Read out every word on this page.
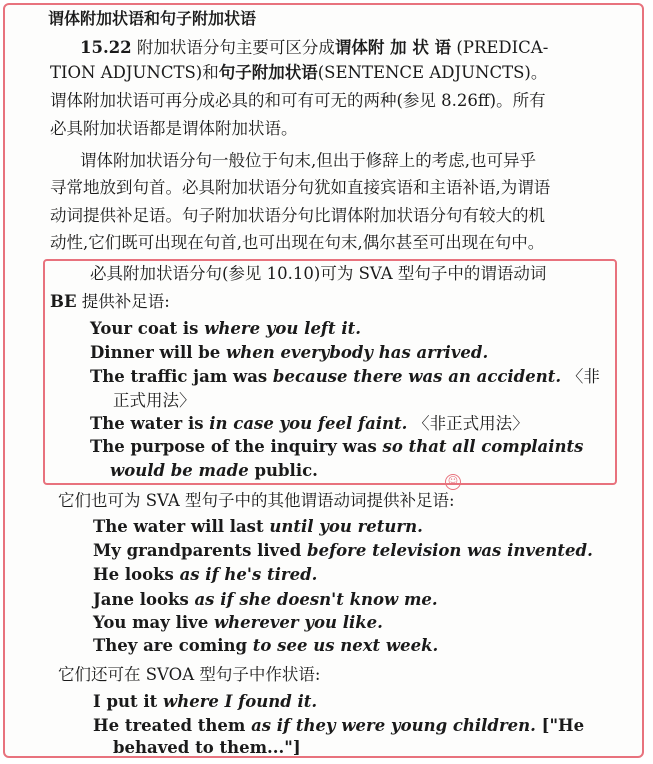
谓体附加状语和句子附加状语
15.22 附加状语分句主要可区分成谓体附 加 状 语 (PREDICA-
TION ADJUNCTS)和句子附加状语(SENTENCE ADJUNCTS)。
谓体附加状语可再分成必具的和可有可无的两种(参见 8.26ff)。所有
必具附加状语都是谓体附加状语。
谓体附加状语分句一般位于句末,但出于修辞上的考虑,也可异乎
寻常地放到句首。必具附加状语分句犹如直接宾语和主语补语,为谓语
动词提供补足语。句子附加状语分句比谓体附加状语分句有较大的机
动性,它们既可出现在句首,也可出现在句末,偶尔甚至可出现在句中。
必具附加状语分句(参见 10.10)可为 SVA 型句子中的谓语动词
BE 提供补足语:
Your coat is where you left it.
Dinner will be when everybody has arrived.
The traffic jam was because there was an accident. 〈非
正式用法〉
The water is in case you feel faint. 〈非正式用法〉
The purpose of the inquiry was so that all complaints
would be made public.
☺
它们也可为 SVA 型句子中的其他谓语动词提供补足语:
The water will last until you return.
My grandparents lived before television was invented.
He looks as if he's tired.
Jane looks as if she doesn't know me.
You may live wherever you like.
They are coming to see us next week.
它们还可在 SVOA 型句子中作状语:
I put it where I found it.
He treated them as if they were young children. ["He
behaved to them..."]
